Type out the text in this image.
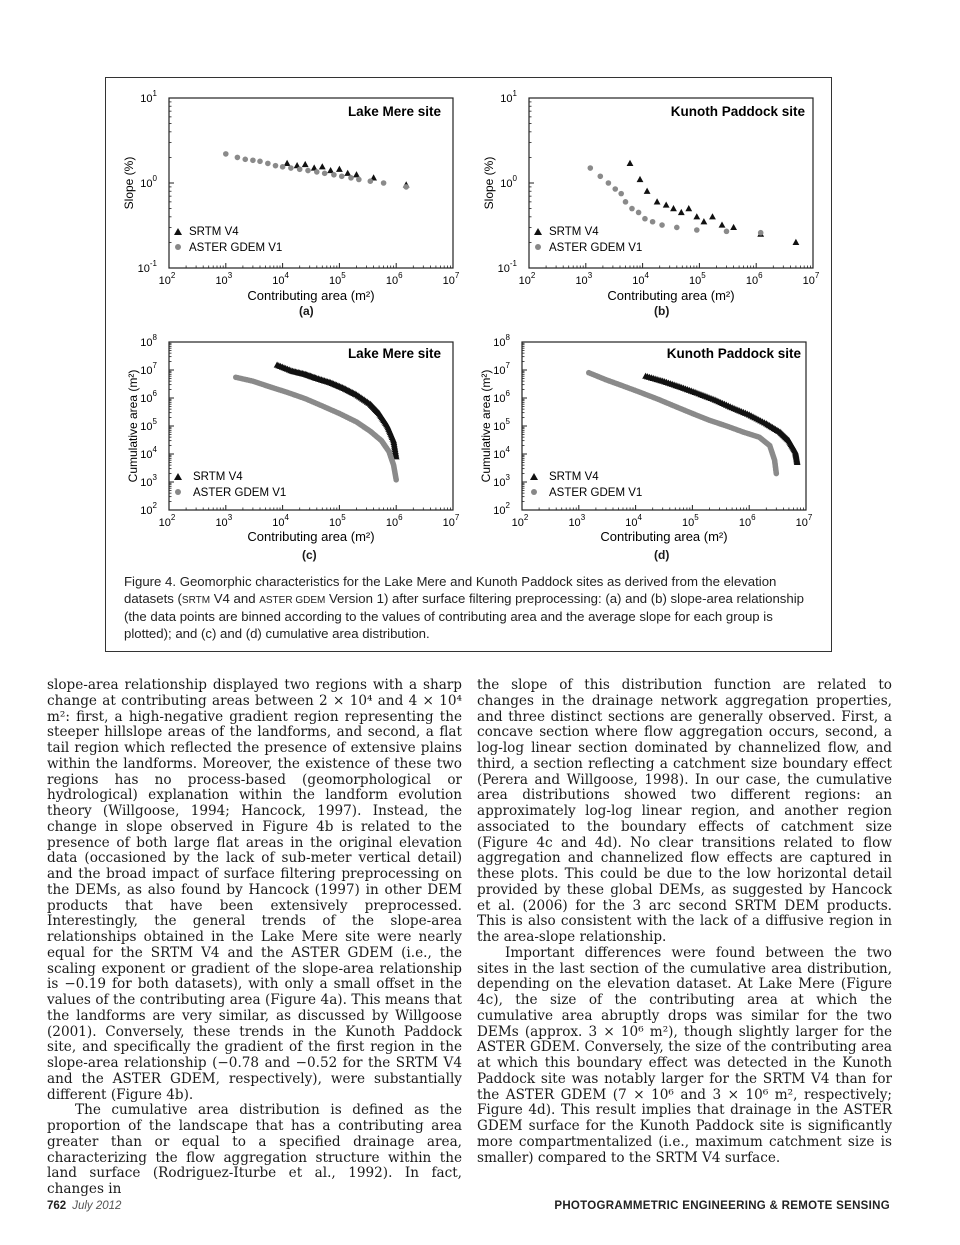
Lake Mere site
Slope (%)
Contributing area (m²)
$10^2$	$10^3$	$10^4$	$10^5$	$10^6$	$10^7$
$10^{-1}$
$10^0$
$10^1$
SRTM V4
ASTER GDEM V1
(a)
Kunoth Paddock site
Slope (%)
Contributing area (m²)
$10^2$	$10^3$	$10^4$	$10^5$	$10^6$	$10^7$
$10^{-1}$
$10^0$
$10^1$
SRTM V4
ASTER GDEM V1
(b)
Lake Mere site
Cumulative area (m²)
Contributing area (m²)
$10^2$	$10^3$	$10^4$	$10^5$	$10^6$	$10^7$
$10^2$
$10^3$
$10^4$
$10^5$
$10^6$
$10^7$
$10^8$
SRTM V4
ASTER GDEM V1
(c)
Kunoth Paddock site
Cumulative area (m²)
Contributing area (m²)
$10^2$	$10^3$	$10^4$	$10^5$	$10^6$	$10^7$
$10^2$
$10^3$
$10^4$
$10^5$
$10^6$
$10^7$
$10^8$
SRTM V4
ASTER GDEM V1
(d)
Figure 4. Geomorphic characteristics for the Lake Mere and Kunoth Paddock sites as derived from the elevation datasets (SRTM V4 and ASTER GDEM Version 1) after surface filtering preprocessing: (a) and (b) slope-area relationship (the data points are binned according to the values of contributing area and the average slope for each group is plotted); and (c) and (d) cumulative area distribution.

slope-area relationship displayed two regions with a sharp change at contributing areas between 2 × 10⁴ and 4 × 10⁴ m²: first, a high-negative gradient region representing the steeper hillslope areas of the landforms, and second, a flat tail region which reflected the presence of extensive plains within the landforms. Moreover, the existence of these two regions has no process-based (geomorphological or hydrological) explanation within the landform evolution theory (Willgoose, 1994; Hancock, 1997). Instead, the change in slope observed in Figure 4b is related to the presence of both large flat areas in the original elevation data (occasioned by the lack of sub-meter vertical detail) and the broad impact of surface filtering preprocessing on the DEMs, as also found by Hancock (1997) in other DEM products that have been extensively preprocessed. Interestingly, the general trends of the slope-area relationships obtained in the Lake Mere site were nearly equal for the SRTM V4 and the ASTER GDEM (i.e., the scaling exponent or gradient of the slope-area relationship is −0.19 for both datasets), with only a small offset in the values of the contributing area (Figure 4a). This means that the landforms are very similar, as discussed by Willgoose (2001). Conversely, these trends in the Kunoth Paddock site, and specifically the gradient of the first region in the slope-area relationship (−0.78 and −0.52 for the SRTM V4 and the ASTER GDEM, respectively), were substantially different (Figure 4b).

The cumulative area distribution is defined as the proportion of the landscape that has a contributing area greater than or equal to a specified drainage area, characterizing the flow aggregation structure within the land surface (Rodriguez-Iturbe et al., 1992). In fact, changes in

the slope of this distribution function are related to changes in the drainage network aggregation properties, and three distinct sections are generally observed. First, a concave section where flow aggregation occurs, second, a log-log linear section dominated by channelized flow, and third, a section reflecting a catchment size boundary effect (Perera and Willgoose, 1998). In our case, the cumulative area distributions showed two different regions: an approximately log-log linear region, and another region associated to the boundary effects of catchment size (Figure 4c and 4d). No clear transitions related to flow aggregation and channelized flow effects are captured in these plots. This could be due to the low horizontal detail provided by these global DEMs, as suggested by Hancock et al. (2006) for the 3 arc second SRTM DEM products. This is also consistent with the lack of a diffusive region in the area-slope relationship.

Important differences were found between the two sites in the last section of the cumulative area distribution, depending on the elevation dataset. At Lake Mere (Figure 4c), the size of the contributing area at which the cumulative area abruptly drops was similar for the two DEMs (approx. 3 × 10⁶ m²), though slightly larger for the ASTER GDEM. Conversely, the size of the contributing area at which this boundary effect was detected in the Kunoth Paddock site was notably larger for the SRTM V4 than for the ASTER GDEM (7 × 10⁶ and 3 × 10⁶ m², respectively; Figure 4d). This result implies that drainage in the ASTER GDEM surface for the Kunoth Paddock site is significantly more compartmentalized (i.e., maximum catchment size is smaller) compared to the SRTM V4 surface.

762 July 2012	PHOTOGRAMMETRIC ENGINEERING & REMOTE SENSING
